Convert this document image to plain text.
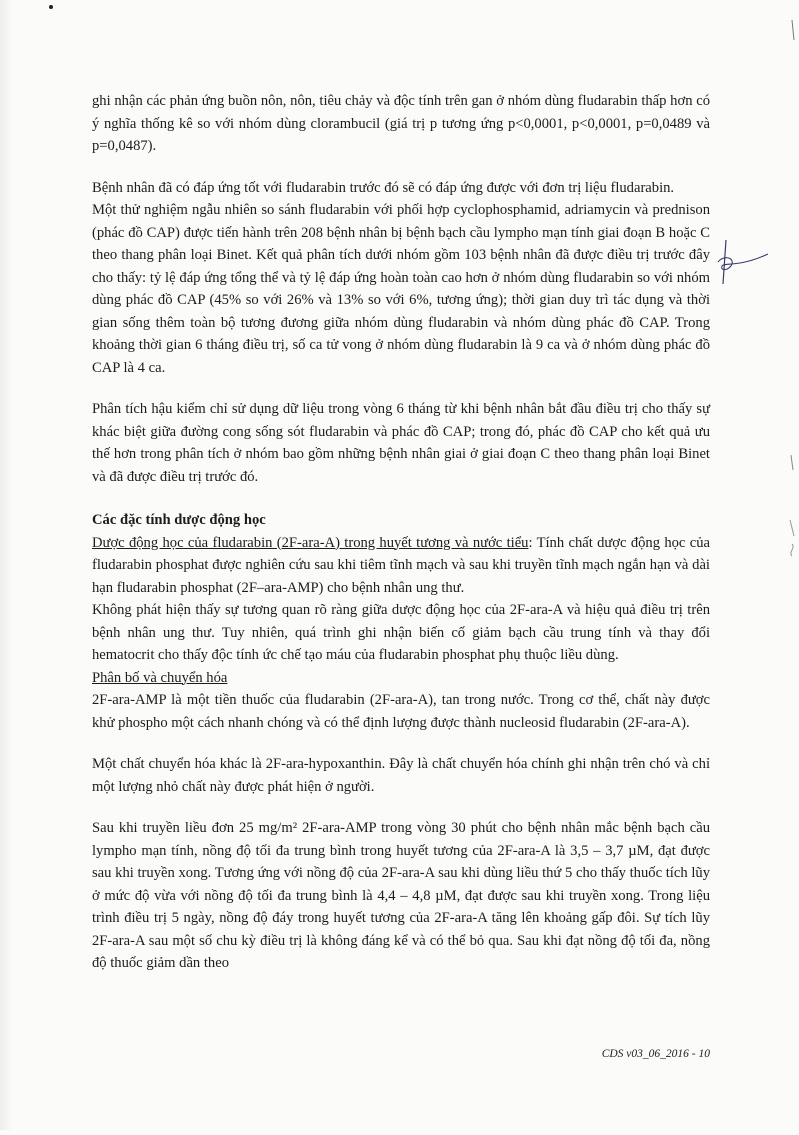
ghi nhận các phản ứng buồn nôn, nôn, tiêu chảy và độc tính trên gan ở nhóm dùng fludarabin thấp hơn có ý nghĩa thống kê so với nhóm dùng clorambucil (giá trị p tương ứng p<0,0001, p<0,0001, p=0,0489 và p=0,0487).

Bệnh nhân đã có đáp ứng tốt với fludarabin trước đó sẽ có đáp ứng được với đơn trị liệu fludarabin.

Một thử nghiệm ngẫu nhiên so sánh fludarabin với phối hợp cyclophosphamid, adriamycin và prednison (phác đồ CAP) được tiến hành trên 208 bệnh nhân bị bệnh bạch cầu lympho mạn tính giai đoạn B hoặc C theo thang phân loại Binet. Kết quả phân tích dưới nhóm gồm 103 bệnh nhân đã được điều trị trước đây cho thấy: tỷ lệ đáp ứng tổng thể và tỷ lệ đáp ứng hoàn toàn cao hơn ở nhóm dùng fludarabin so với nhóm dùng phác đồ CAP (45% so với 26% và 13% so với 6%, tương ứng); thời gian duy trì tác dụng và thời gian sống thêm toàn bộ tương đương giữa nhóm dùng fludarabin và nhóm dùng phác đồ CAP. Trong khoảng thời gian 6 tháng điều trị, số ca tử vong ở nhóm dùng fludarabin là 9 ca và ở nhóm dùng phác đồ CAP là 4 ca.

Phân tích hậu kiểm chỉ sử dụng dữ liệu trong vòng 6 tháng từ khi bệnh nhân bắt đầu điều trị cho thấy sự khác biệt giữa đường cong sống sót fludarabin và phác đồ CAP; trong đó, phác đồ CAP cho kết quả ưu thế hơn trong phân tích ở nhóm bao gồm những bệnh nhân giai ở giai đoạn C theo thang phân loại Binet và đã được điều trị trước đó.

Các đặc tính dược động học

Dược động học của fludarabin (2F-ara-A) trong huyết tương và nước tiểu: Tính chất dược động học của fludarabin phosphat được nghiên cứu sau khi tiêm tĩnh mạch và sau khi truyền tĩnh mạch ngắn hạn và dài hạn fludarabin phosphat (2F–ara-AMP) cho bệnh nhân ung thư.

Không phát hiện thấy sự tương quan rõ ràng giữa dược động học của 2F-ara-A và hiệu quả điều trị trên bệnh nhân ung thư. Tuy nhiên, quá trình ghi nhận biến cố giảm bạch cầu trung tính và thay đổi hematocrit cho thấy độc tính ức chế tạo máu của fludarabin phosphat phụ thuộc liều dùng.

Phân bố và chuyển hóa

2F-ara-AMP là một tiền thuốc của fludarabin (2F-ara-A), tan trong nước. Trong cơ thể, chất này được khử phospho một cách nhanh chóng và có thể định lượng được thành nucleosid fludarabin (2F-ara-A).

Một chất chuyển hóa khác là 2F-ara-hypoxanthin. Đây là chất chuyển hóa chính ghi nhận trên chó và chỉ một lượng nhỏ chất này được phát hiện ở người.

Sau khi truyền liều đơn 25 mg/m² 2F-ara-AMP trong vòng 30 phút cho bệnh nhân mắc bệnh bạch cầu lympho mạn tính, nồng độ tối đa trung bình trong huyết tương của 2F-ara-A là 3,5 – 3,7 µM, đạt được sau khi truyền xong. Tương ứng với nồng độ của 2F-ara-A sau khi dùng liều thứ 5 cho thấy thuốc tích lũy ở mức độ vừa với nồng độ tối đa trung bình là 4,4 – 4,8 µM, đạt được sau khi truyền xong. Trong liệu trình điều trị 5 ngày, nồng độ đáy trong huyết tương của 2F-ara-A tăng lên khoảng gấp đôi. Sự tích lũy 2F-ara-A sau một số chu kỳ điều trị là không đáng kể và có thể bỏ qua. Sau khi đạt nồng độ tối đa, nồng độ thuốc giảm dần theo

CDS v03_06_2016 - 10
